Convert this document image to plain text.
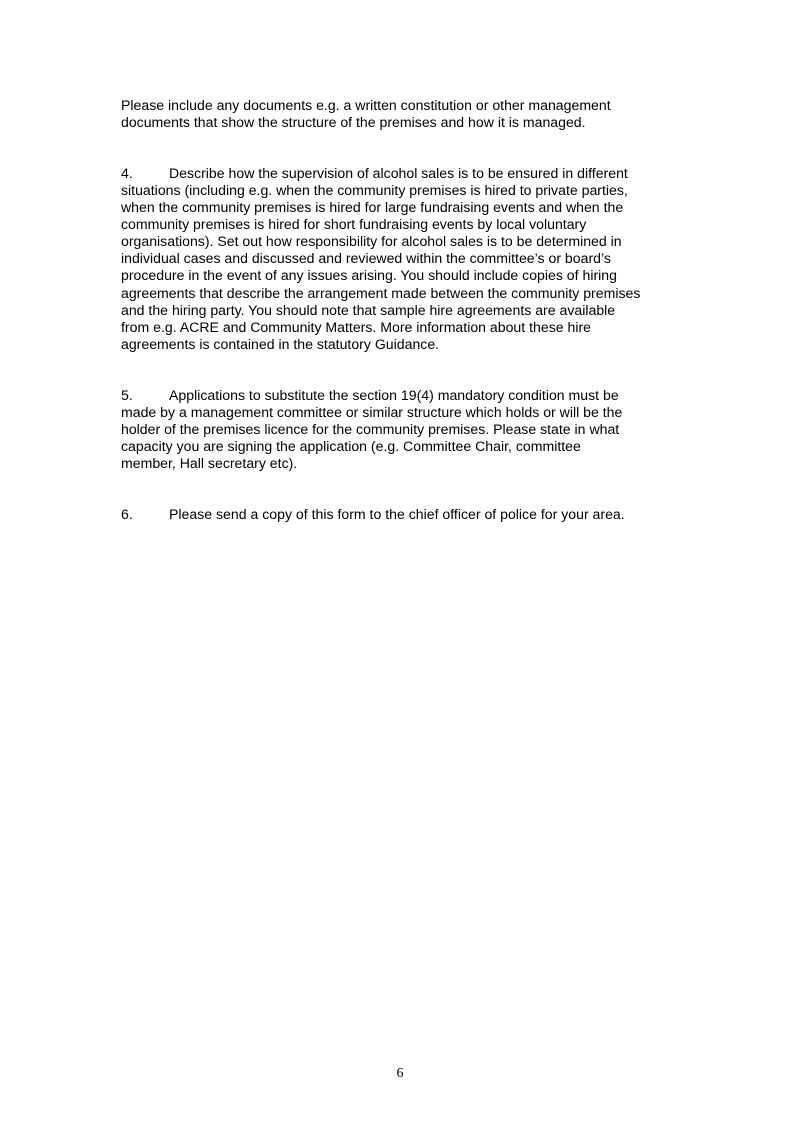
Please include any documents e.g. a written constitution or other management
documents that show the structure of the premises and how it is managed.

4.	Describe how the supervision of alcohol sales is to be ensured in different
situations (including e.g. when the community premises is hired to private parties,
when the community premises is hired for large fundraising events and when the
community premises is hired for short fundraising events by local voluntary
organisations). Set out how responsibility for alcohol sales is to be determined in
individual cases and discussed and reviewed within the committee’s or board’s
procedure in the event of any issues arising. You should include copies of hiring
agreements that describe the arrangement made between the community premises
and the hiring party. You should note that sample hire agreements are available
from e.g. ACRE and Community Matters. More information about these hire
agreements is contained in the statutory Guidance.

5.	Applications to substitute the section 19(4) mandatory condition must be
made by a management committee or similar structure which holds or will be the
holder of the premises licence for the community premises. Please state in what
capacity you are signing the application (e.g. Committee Chair, committee
member, Hall secretary etc).

6.	Please send a copy of this form to the chief officer of police for your area.

6
